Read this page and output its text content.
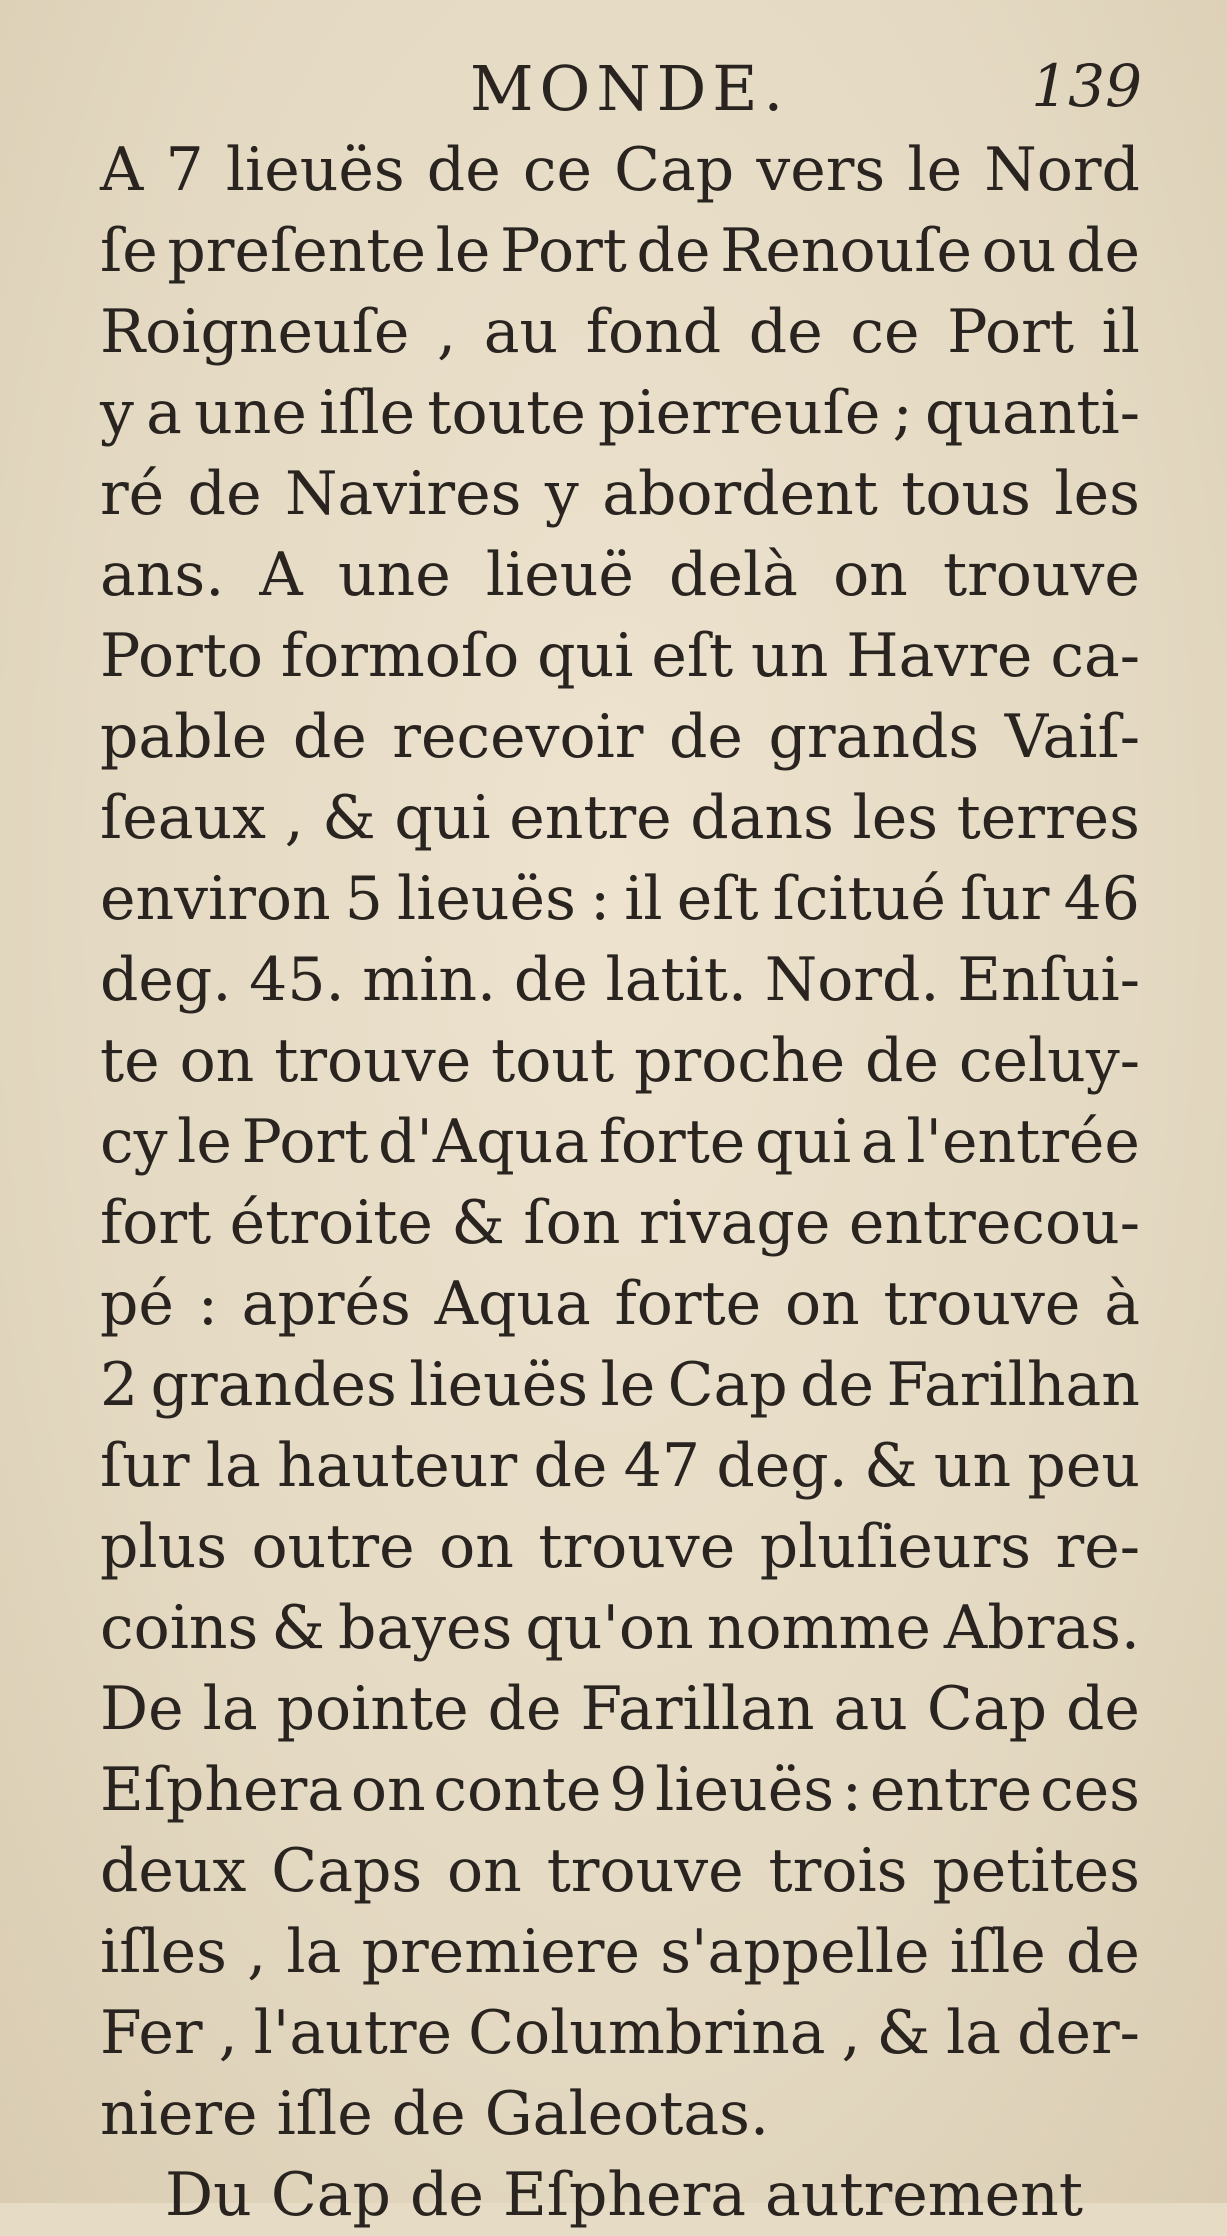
MONDE.	139
A 7 lieuës de ce Cap vers le Nord
ſe preſente le Port de Renouſe ou de
Roigneuſe , au fond de ce Port il
y a une iſle toute pierreuſe ; quanti-
ré de Navires y abordent tous les
ans. A une lieuë delà on trouve
Porto formoſo qui eſt un Havre ca-
pable de recevoir de grands Vaiſ-
ſeaux , & qui entre dans les terres
environ 5 lieuës : il eſt ſcitué ſur 46
deg. 45. min. de latit. Nord. Enſui-
te on trouve tout proche de celuy-
cy le Port d'Aqua forte qui a l'entrée
fort étroite & ſon rivage entrecou-
pé : aprés Aqua forte on trouve à
2 grandes lieuës le Cap de Farilhan
ſur la hauteur de 47 deg. & un peu
plus outre on trouve pluſieurs re-
coins & bayes qu'on nomme Abras.
De la pointe de Farillan au Cap de
Eſphera on conte 9 lieuës : entre ces
deux Caps on trouve trois petites
iſles , la premiere s'appelle iſle de
Fer , l'autre Columbrina , & la der-
niere iſle de Galeotas.
Du Cap de Eſphera autrement
